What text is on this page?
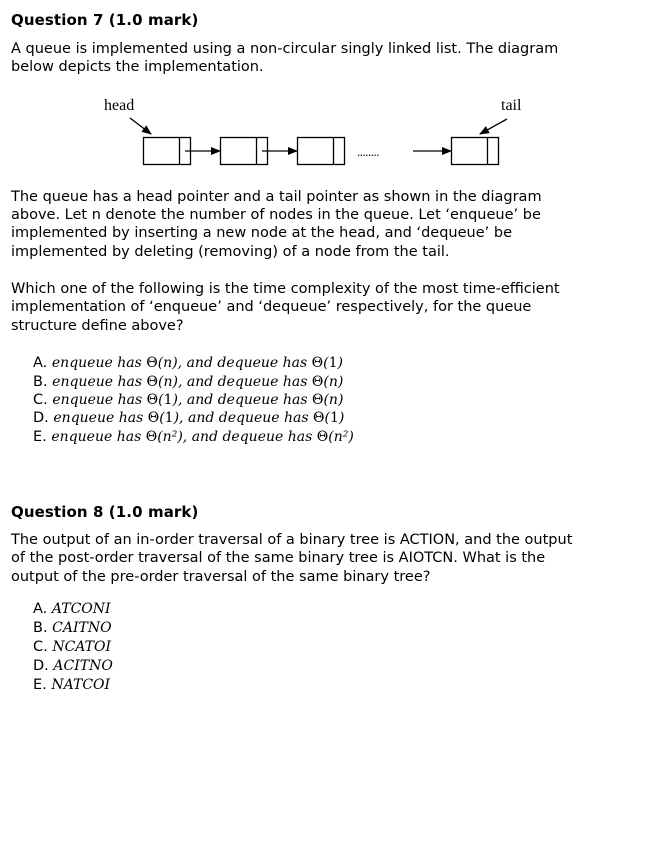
Question 7 (1.0 mark)
A queue is implemented using a non-circular singly linked list. The diagram
below depicts the implementation.
head	tail
........
The queue has a head pointer and a tail pointer as shown in the diagram
above. Let n denote the number of nodes in the queue. Let ‘enqueue’ be
implemented by inserting a new node at the head, and ‘dequeue’ be
implemented by deleting (removing) of a node from the tail.
Which one of the following is the time complexity of the most time-efficient
implementation of ‘enqueue’ and ‘dequeue’ respectively, for the queue
structure define above?
A. enqueue has Θ(n), and dequeue has Θ(1)
B. enqueue has Θ(n), and dequeue has Θ(n)
C. enqueue has Θ(1), and dequeue has Θ(n)
D. enqueue has Θ(1), and dequeue has Θ(1)
E. enqueue has Θ(n²), and dequeue has Θ(n²)
Question 8 (1.0 mark)
The output of an in-order traversal of a binary tree is ACTION, and the output
of the post-order traversal of the same binary tree is AIOTCN. What is the
output of the pre-order traversal of the same binary tree?
A. ATCONI
B. CAITNO
C. NCATOI
D. ACITNO
E. NATCOI
